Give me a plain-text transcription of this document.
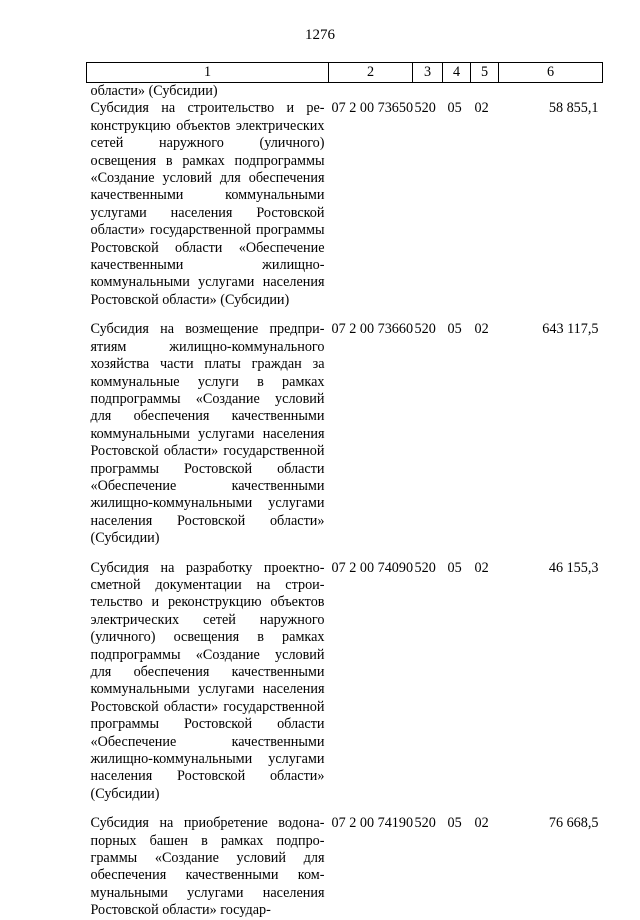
1276
1	2	3	4	5	6
области» (Субсидии)					
Субсидия на строительство и реконструкцию объектов электрических сетей наружного (уличного) освещения в рамках подпрограммы «Создание условий для обеспечения качественными коммунальными услугами населения Ростовской области» государственной программы Ростовской области «Обеспечение качественными жилищно-коммунальными услугами населения Ростовской области» (Субсидии)	07 2 00 73650	520	05	02	58 855,1
Субсидия на возмещение предприятиям жилищно-коммунального хозяйства части платы граждан за коммунальные услуги в рамках подпрограммы «Создание условий для обеспечения качественными коммунальными услугами населения Ростовской области» государственной программы Ростовской области «Обеспечение качественными жилищно-коммунальными услугами населения Ростовской области» (Субсидии)	07 2 00 73660	520	05	02	643 117,5
Субсидия на разработку проектно-сметной документации на строительство и реконструкцию объектов электрических сетей наружного (уличного) освещения в рамках подпрограммы «Создание условий для обеспечения качественными коммунальными услугами населения Ростовской области» государственной программы Ростовской области «Обеспечение качественными жилищно-коммунальными услугами населения Ростовской области» (Субсидии)	07 2 00 74090	520	05	02	46 155,3
Субсидия на приобретение водонапорных башен в рамках подпрограммы «Создание условий для обеспечения качественными коммунальными услугами населения Ростовской области» государ-	07 2 00 74190	520	05	02	76 668,5
